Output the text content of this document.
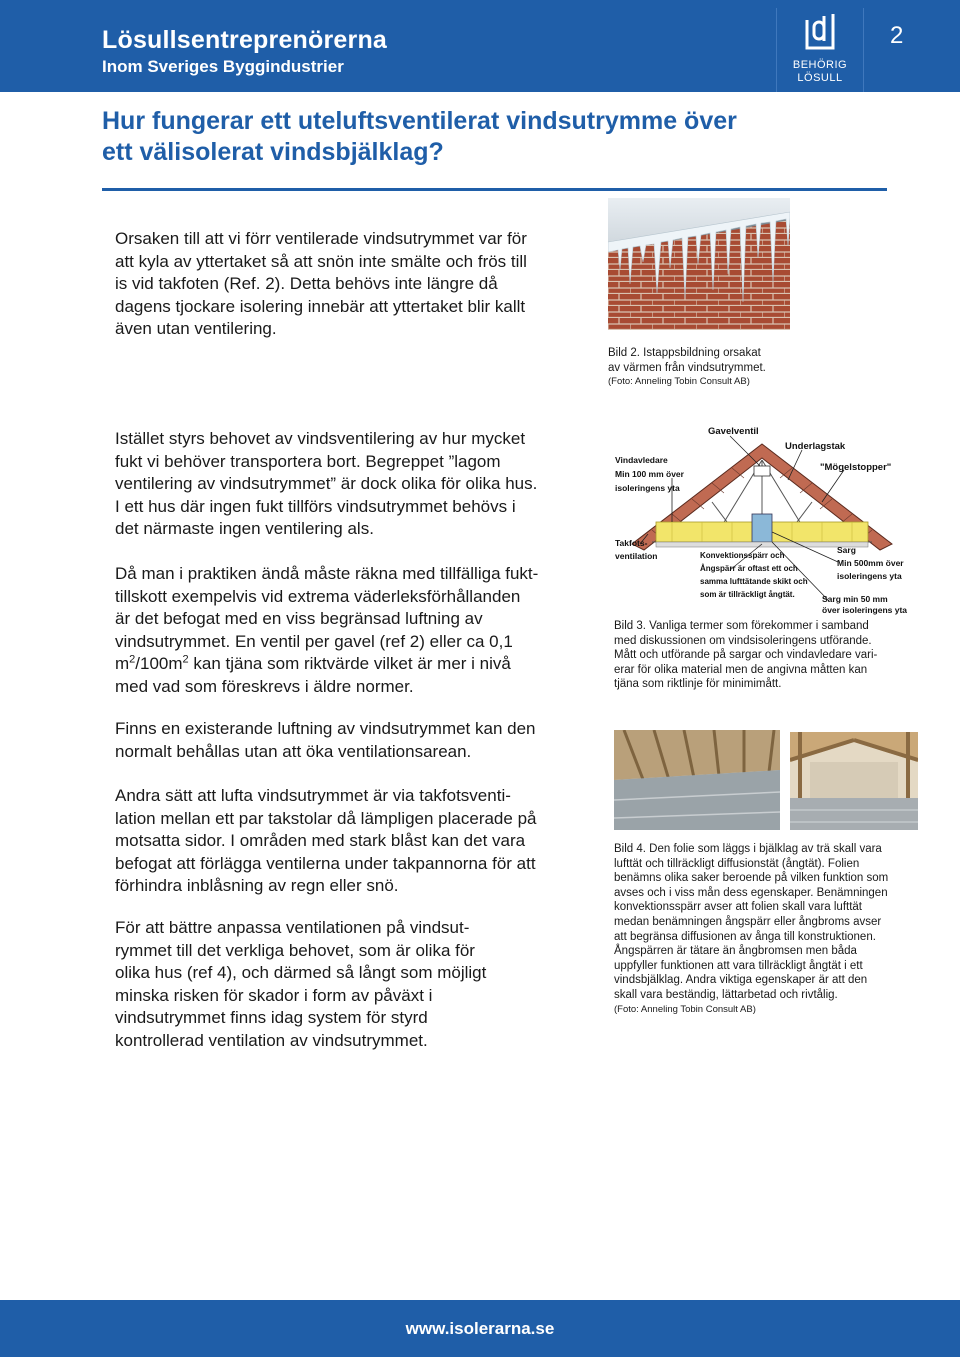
Lösullsentreprenörerna
Inom Sveriges Byggindustrier	BEHÖRIG
LÖSULL
2
Hur fungerar ett uteluftsventilerat vindsutrymme över
ett välisolerat vindsbjälklag?
Orsaken till att vi förr ventilerade vindsutrymmet var för
att kyla av yttertaket så att snön inte smälte och frös till
is vid takfoten (Ref. 2). Detta behövs inte längre då
dagens tjockare isolering innebär att yttertaket blir kallt
även utan ventilering.
Bild 2. Istappsbildning orsakat
av värmen från vindsutrymmet.
(Foto: Anneling Tobin Consult AB)
Istället styrs behovet av vindsventilering av hur mycket
fukt vi behöver transportera bort. Begreppet ”lagom
ventilering av vindsutrymmet” är dock olika för olika hus.
I ett hus där ingen fukt tillförs vindsutrymmet behövs i
det närmaste ingen ventilering als.
Gavelventil
Underlagstak
"Mögelstopper"
Vindavledare
Min 100 mm över
isoleringens yta
Takfots-
ventilation	Konvektionsspärr och
Ångspärr är oftast ett och
samma lufttätande skikt och
som är tillräckligt ångtät.
Sarg
Min 500mm över
isoleringens yta
Sarg min 50 mm
över isoleringens yta
Då man i praktiken ändå måste räkna med tillfälliga fukt-
tillskott exempelvis vid extrema väderleksförhållanden
är det befogat med en viss begränsad luftning av
vindsutrymmet. En ventil per gavel (ref 2) eller ca 0,1
$m^2/100m^2$ kan tjäna som riktvärde vilket är mer i nivå
med vad som föreskrevs i äldre normer.
Bild 3. Vanliga termer som förekommer i samband
med diskussionen om vindsisoleringens utförande.
Mått och utförande på sargar och vindavledare vari-
erar för olika material men de angivna måtten kan
tjäna som riktlinje för minimimått.
Finns en existerande luftning av vindsutrymmet kan den
normalt behållas utan att öka ventilationsarean.
Andra sätt att lufta vindsutrymmet är via takfotsventi-
lation mellan ett par takstolar då lämpligen placerade på
motsatta sidor. I områden med stark blåst kan det vara
befogat att förlägga ventilerna under takpannorna för att
förhindra inblåsning av regn eller snö.
Bild 4. Den folie som läggs i bjälklag av trä skall vara
lufttät och tillräckligt diffusionstät (ångtät). Folien
benämns olika saker beroende på vilken funktion som
avses och i viss mån dess egenskaper. Benämningen
konvektionsspärr avser att folien skall vara lufttät
medan benämningen ångspärr eller ångbroms avser
att begränsa diffusionen av ånga till konstruktionen.
Ångspärren är tätare än ångbromsen men båda
uppfyller funktionen att vara tillräckligt ångtät i ett
vindsbjälklag. Andra viktiga egenskaper är att den
skall vara beständig, lättarbetad och rivtålig.
(Foto: Anneling Tobin Consult AB)
För att bättre anpassa ventilationen på vindsut-
rymmet till det verkliga behovet, som är olika för
olika hus (ref 4), och därmed så långt som möjligt
minska risken för skador i form av påväxt i
vindsutrymmet finns idag system för styrd
kontrollerad ventilation av vindsutrymmet.
www.isolerarna.se
